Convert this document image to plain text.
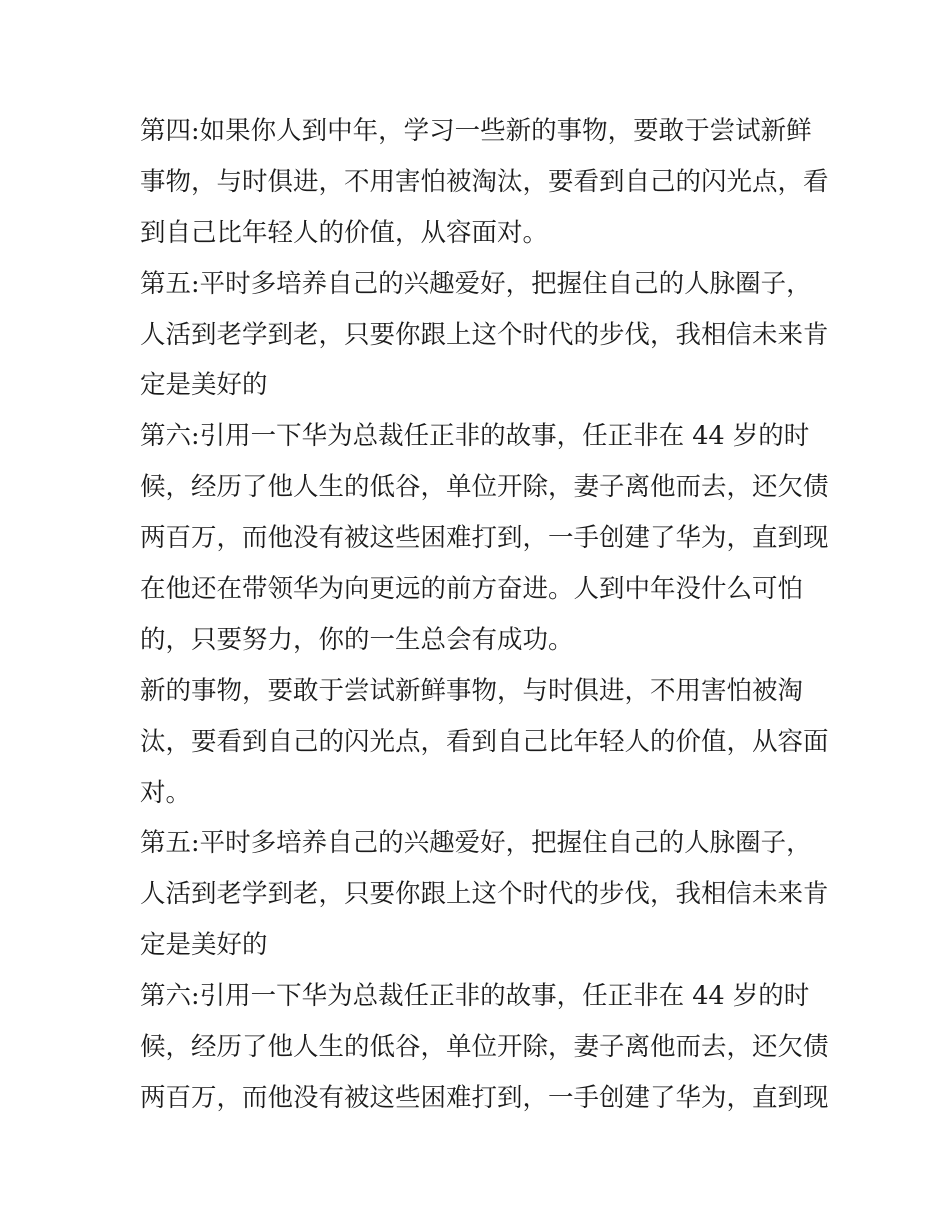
第四:如果你人到中年，学习一些新的事物，要敢于尝试新鲜
事物，与时俱进，不用害怕被淘汰，要看到自己的闪光点，看
到自己比年轻人的价值，从容面对。
第五:平时多培养自己的兴趣爱好，把握住自己的人脉圈子，
人活到老学到老，只要你跟上这个时代的步伐，我相信未来肯
定是美好的
第六:引用一下华为总裁任正非的故事，任正非在 44 岁的时
候，经历了他人生的低谷，单位开除，妻子离他而去，还欠债
两百万，而他没有被这些困难打到，一手创建了华为，直到现
在他还在带领华为向更远的前方奋进。人到中年没什么可怕
的，只要努力，你的一生总会有成功。
新的事物，要敢于尝试新鲜事物，与时俱进，不用害怕被淘
汰，要看到自己的闪光点，看到自己比年轻人的价值，从容面
对。
第五:平时多培养自己的兴趣爱好，把握住自己的人脉圈子，
人活到老学到老，只要你跟上这个时代的步伐，我相信未来肯
定是美好的
第六:引用一下华为总裁任正非的故事，任正非在 44 岁的时
候，经历了他人生的低谷，单位开除，妻子离他而去，还欠债
两百万，而他没有被这些困难打到，一手创建了华为，直到现
